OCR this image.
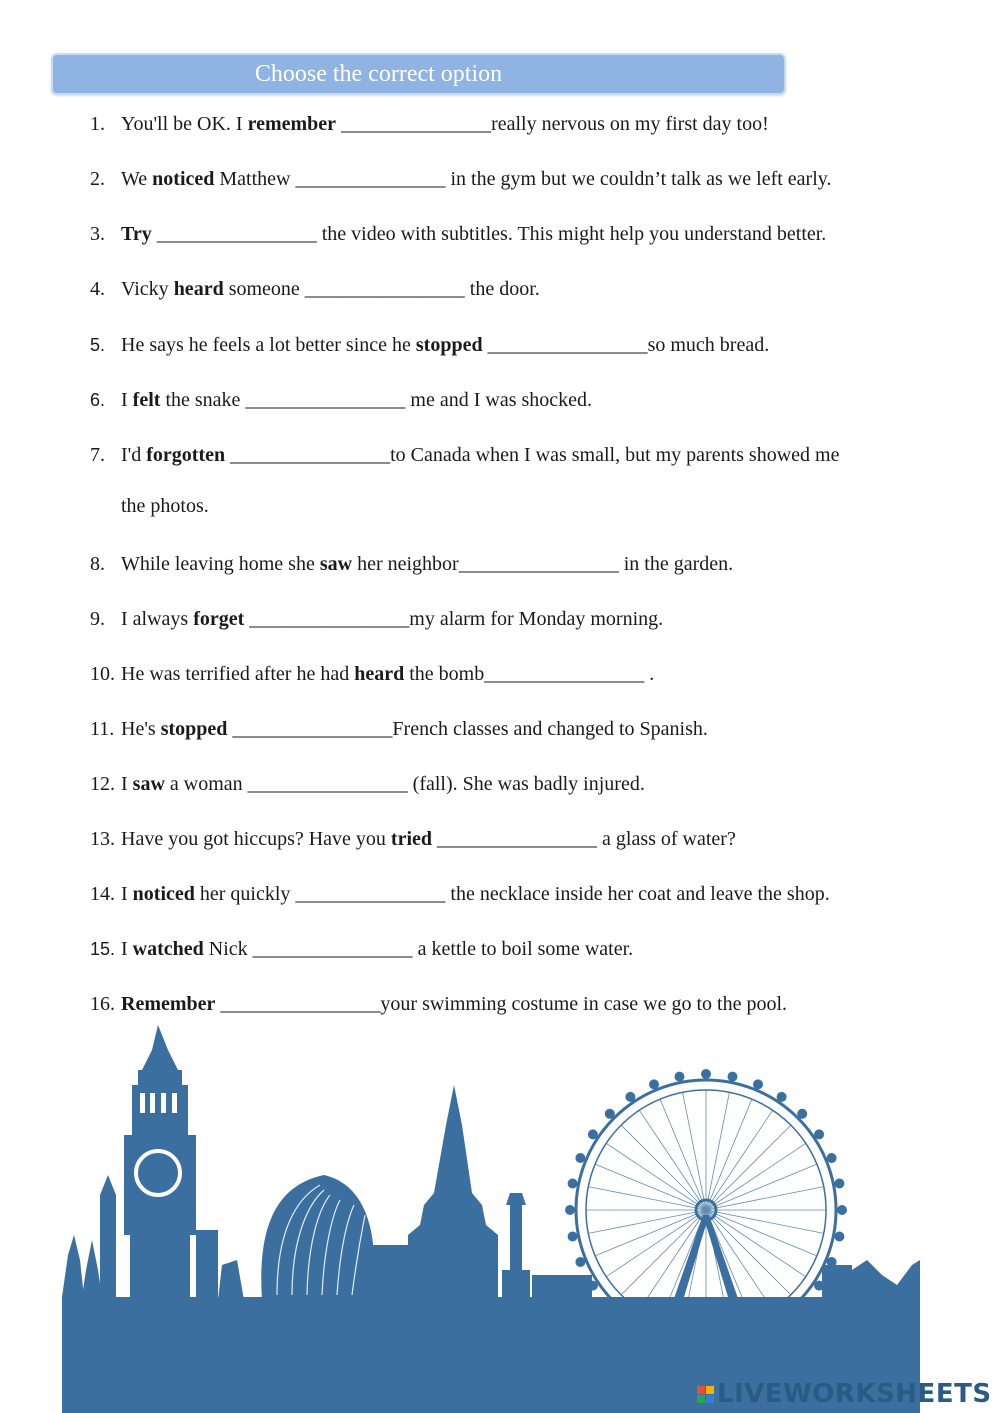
Choose the correct option
1. You'll be OK. I remember _______________really nervous on my first day too!
2. We noticed Matthew _______________ in the gym but we couldn’t talk as we left early.
3. Try ________________ the video with subtitles. This might help you understand better.
4. Vicky heard someone ________________ the door.
5. He says he feels a lot better since he stopped ________________so much bread.
6. I felt the snake ________________ me and I was shocked.
7. I'd forgotten ________________to Canada when I was small, but my parents showed me
the photos.
8. While leaving home she saw her neighbor________________ in the garden.
9. I always forget ________________my alarm for Monday morning.
10. He was terrified after he had heard the bomb________________ .
11. He's stopped ________________French classes and changed to Spanish.
12. I saw a woman ________________ (fall). She was badly injured.
13. Have you got hiccups? Have you tried ________________ a glass of water?
14. I noticed her quickly _______________ the necklace inside her coat and leave the shop.
15. I watched Nick ________________ a kettle to boil some water.
16. Remember ________________your swimming costume in case we go to the pool.
LIVEWORKSHEETS
